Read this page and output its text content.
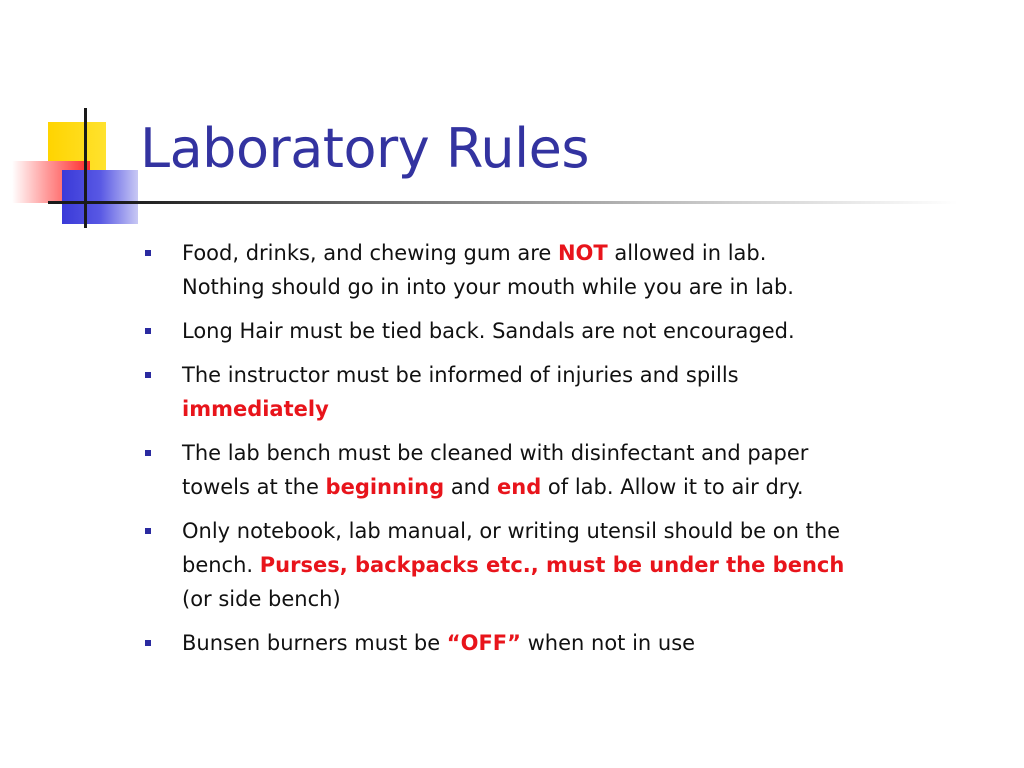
Laboratory Rules
Food, drinks, and chewing gum are NOT allowed in lab.
Nothing should go in into your mouth while you are in lab.
Long Hair must be tied back. Sandals are not encouraged.
The instructor must be informed of injuries and spills
immediately
The lab bench must be cleaned with disinfectant and paper
towels at the beginning and end of lab. Allow it to air dry.
Only notebook, lab manual, or writing utensil should be on the
bench. Purses, backpacks etc., must be under the bench
(or side bench)
Bunsen burners must be “OFF” when not in use
